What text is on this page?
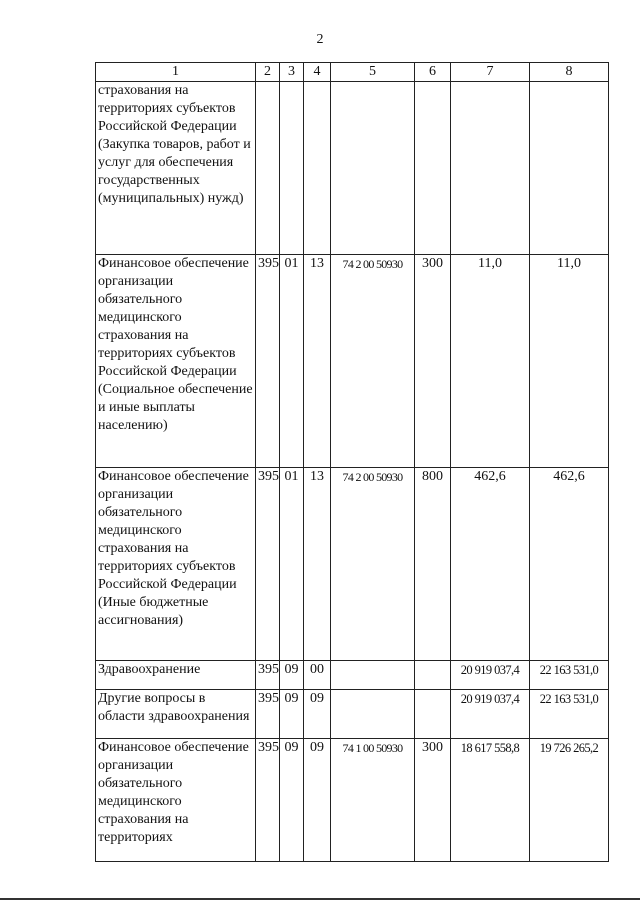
2
1	2	3	4	5	6	7	8
страхования на территориях субъектов Российской Федерации (Закупка товаров, работ и услуг для обеспечения государственных (муниципальных) нужд)							
Финансовое обеспечение организации обязательного медицинского страхования на территориях субъектов Российской Федерации (Социальное обеспечение и иные выплаты населению)	395	01	13	74 2 00 50930	300	11,0	11,0
Финансовое обеспечение организации обязательного медицинского страхования на территориях субъектов Российской Федерации (Иные бюджетные ассигнования)	395	01	13	74 2 00 50930	800	462,6	462,6
Здравоохранение	395	09	00			20 919 037,4	22 163 531,0
Другие вопросы в области здравоохранения	395	09	09			20 919 037,4	22 163 531,0
Финансовое обеспечение организации обязательного медицинского страхования на территориях	395	09	09	74 1 00 50930	300	18 617 558,8	19 726 265,2
